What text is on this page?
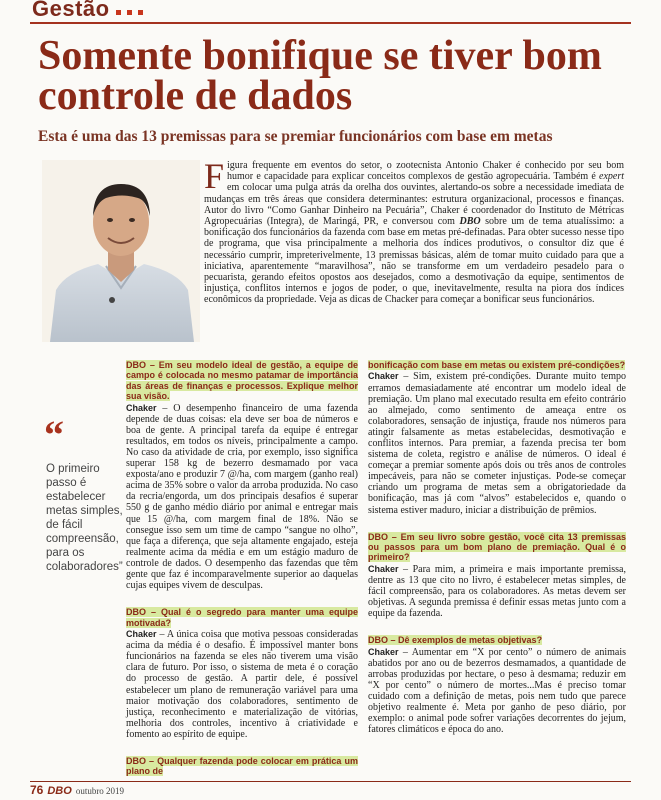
Gestão
Somente bonifique se tiver bom controle de dados
Esta é uma das 13 premissas para se premiar funcionários com base em metas
Figura frequente em eventos do setor, o zootecnista Antonio Chaker é conhecido por seu bom humor e capacidade para explicar conceitos complexos de gestão agropecuária. Também é expert em colocar uma pulga atrás da orelha dos ouvintes, alertando-os sobre a necessidade imediata de mudanças em três áreas que considera determinantes: estrutura organizacional, processos e finanças. Autor do livro “Como Ganhar Dinheiro na Pecuária”, Chaker é coordenador do Instituto de Métricas Agropecuárias (Integra), de Maringá, PR, e conversou com DBO sobre um de tema atualíssimo: a bonificação dos funcionários da fazenda com base em metas pré-definadas. Para obter sucesso nesse tipo de programa, que visa principalmente a melhoria dos índices produtivos, o consultor diz que é necessário cumprir, impreterivelmente, 13 premissas básicas, além de tomar muito cuidado para que a iniciativa, aparentemente “maravilhosa”, não se transforme em um verdadeiro pesadelo para o pecuarista, gerando efeitos opostos aos desejados, como a desmotivação da equipe, sentimentos de injustiça, conflitos internos e jogos de poder, o que, inevitavelmente, resulta na piora dos índices econômicos da propriedade. Veja as dicas de Chacker para começar a bonificar seus funcionários.
“
O primeiro passo é estabelecer metas simples, de fácil compreensão, para os colaboradores”
DBO – Em seu modelo ideal de gestão, a equipe de campo é colocada no mesmo patamar de importância das áreas de finanças e processos. Explique melhor sua visão.

Chaker – O desempenho financeiro de uma fazenda depende de duas coisas: ela deve ser boa de números e boa de gente. A principal tarefa da equipe é entregar resultados, em todos os níveis, principalmente a campo. No caso da atividade de cria, por exemplo, isso significa superar 158 kg de bezerro desmamado por vaca exposta/ano e produzir 7 @/ha, com margem (ganho real) acima de 35% sobre o valor da arroba produzida. No caso da recria/engorda, um dos principais desafios é superar 550 g de ganho médio diário por animal e entregar mais que 15 @/ha, com margem final de 18%. Não se consegue isso sem um time de campo “sangue no olho”, que faça a diferença, que seja altamente engajado, esteja realmente acima da média e em um estágio maduro de controle de dados. O desempenho das fazendas que têm gente que faz é incomparavelmente superior ao daquelas cujas equipes vivem de desculpas.

DBO – Qual é o segredo para manter uma equipe motivada?

Chaker – A única coisa que motiva pessoas consideradas acima da média é o desafio. É impossível manter bons funcionários na fazenda se eles não tiverem uma visão clara de futuro. Por isso, o sistema de meta é o coração do processo de gestão. A partir dele, é possível estabelecer um plano de remuneração variável para uma maior motivação dos colaboradores, sentimento de justiça, reconhecimento e materialização de vitórias, melhoria dos controles, incentivo à criatividade e fomento ao espírito de equipe.

DBO – Qualquer fazenda pode colocar em prática um plano de
bonificação com base em metas ou existem pré-condições?

Chaker – Sim, existem pré-condições. Durante muito tempo erramos demasiadamente até encontrar um modelo ideal de premiação. Um plano mal executado resulta em efeito contrário ao almejado, como sentimento de ameaça entre os colaboradores, sensação de injustiça, fraude nos números para atingir falsamente as metas estabelecidas, desmotivação e conflitos internos. Para premiar, a fazenda precisa ter bom sistema de coleta, registro e análise de números. O ideal é começar a premiar somente após dois ou três anos de controles impecáveis, para não se cometer injustiças. Pode-se começar criando um programa de metas sem a obrigatoriedade da bonificação, mas já com “alvos” estabelecidos e, quando o sistema estiver maduro, iniciar a distribuição de prêmios.

DBO – Em seu livro sobre gestão, você cita 13 premissas ou passos para um bom plano de premiação. Qual é o primeiro?

Chaker – Para mim, a primeira e mais importante premissa, dentre as 13 que cito no livro, é estabelecer metas simples, de fácil compreensão, para os colaboradores. As metas devem ser objetivas. A segunda premissa é definir essas metas junto com a equipe da fazenda.

DBO – Dê exemplos de metas objetivas?

Chaker – Aumentar em “X por cento” o número de animais abatidos por ano ou de bezerros desmamados, a quantidade de arrobas produzidas por hectare, o peso à desmama; reduzir em “X por cento” o número de mortes...Mas é preciso tomar cuidado com a definição de metas, pois nem tudo que parece objetivo realmente é. Meta por ganho de peso diário, por exemplo: o animal pode sofrer variações decorrentes do jejum, fatores climáticos e época do ano.

76 DBO outubro 2019
